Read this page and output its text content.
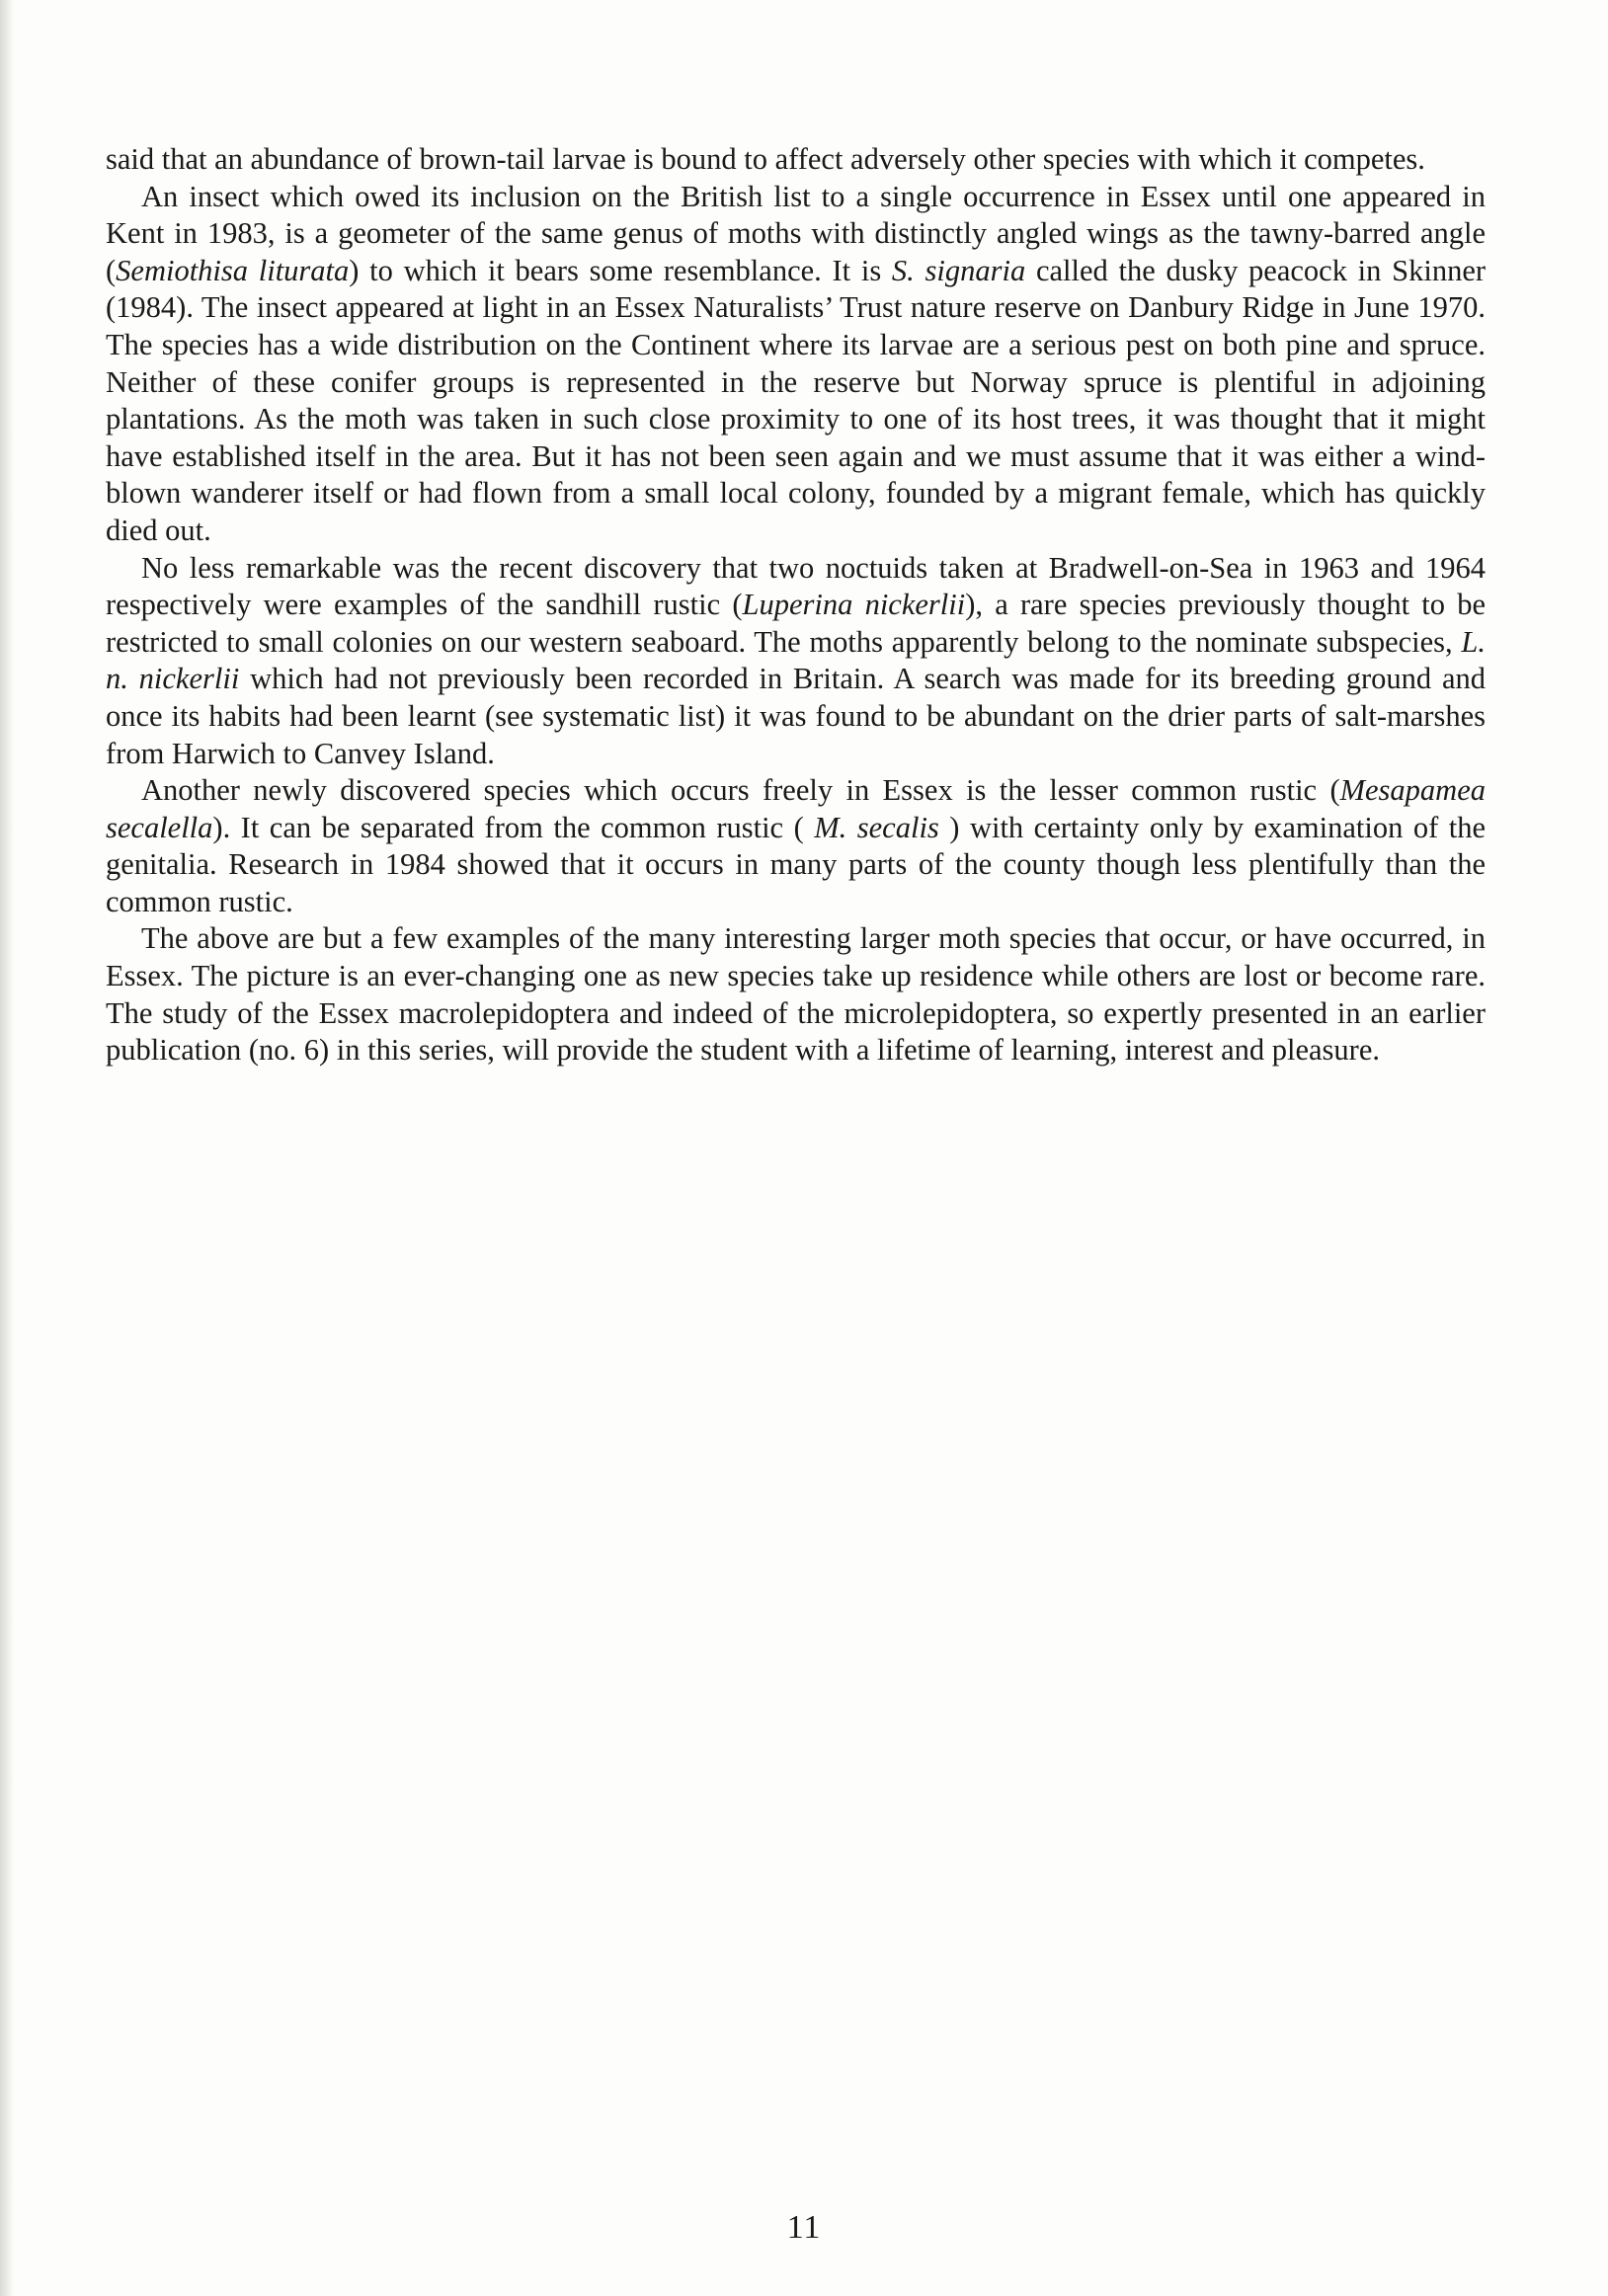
said that an abundance of brown-tail larvae is bound to affect adversely other species with which it competes.

An insect which owed its inclusion on the British list to a single occurrence in Essex until one appeared in Kent in 1983, is a geometer of the same genus of moths with distinctly angled wings as the tawny-barred angle (Semiothisa liturata) to which it bears some resemblance. It is S. signaria called the dusky peacock in Skinner (1984). The insect appeared at light in an Essex Naturalists’ Trust nature reserve on Danbury Ridge in June 1970. The species has a wide distribution on the Continent where its larvae are a serious pest on both pine and spruce. Neither of these conifer groups is represented in the reserve but Norway spruce is plentiful in adjoining plantations. As the moth was taken in such close proximity to one of its host trees, it was thought that it might have established itself in the area. But it has not been seen again and we must assume that it was either a wind-blown wanderer itself or had flown from a small local colony, founded by a migrant female, which has quickly died out.

No less remarkable was the recent discovery that two noctuids taken at Bradwell-on-Sea in 1963 and 1964 respectively were examples of the sandhill rustic (Luperina nickerlii), a rare species previously thought to be restricted to small colonies on our western seaboard. The moths apparently belong to the nominate subspecies, L. n. nickerlii which had not previously been recorded in Britain. A search was made for its breeding ground and once its habits had been learnt (see systematic list) it was found to be abundant on the drier parts of salt-marshes from Harwich to Canvey Island.

Another newly discovered species which occurs freely in Essex is the lesser common rustic (Mesapamea secalella). It can be separated from the common rustic ( M. secalis ) with certainty only by examination of the genitalia. Research in 1984 showed that it occurs in many parts of the county though less plentifully than the common rustic.

The above are but a few examples of the many interesting larger moth species that occur, or have occurred, in Essex. The picture is an ever-changing one as new species take up residence while others are lost or become rare. The study of the Essex macrolepidoptera and indeed of the microlepidoptera, so expertly presented in an earlier publication (no. 6) in this series, will provide the student with a lifetime of learning, interest and pleasure.

11
